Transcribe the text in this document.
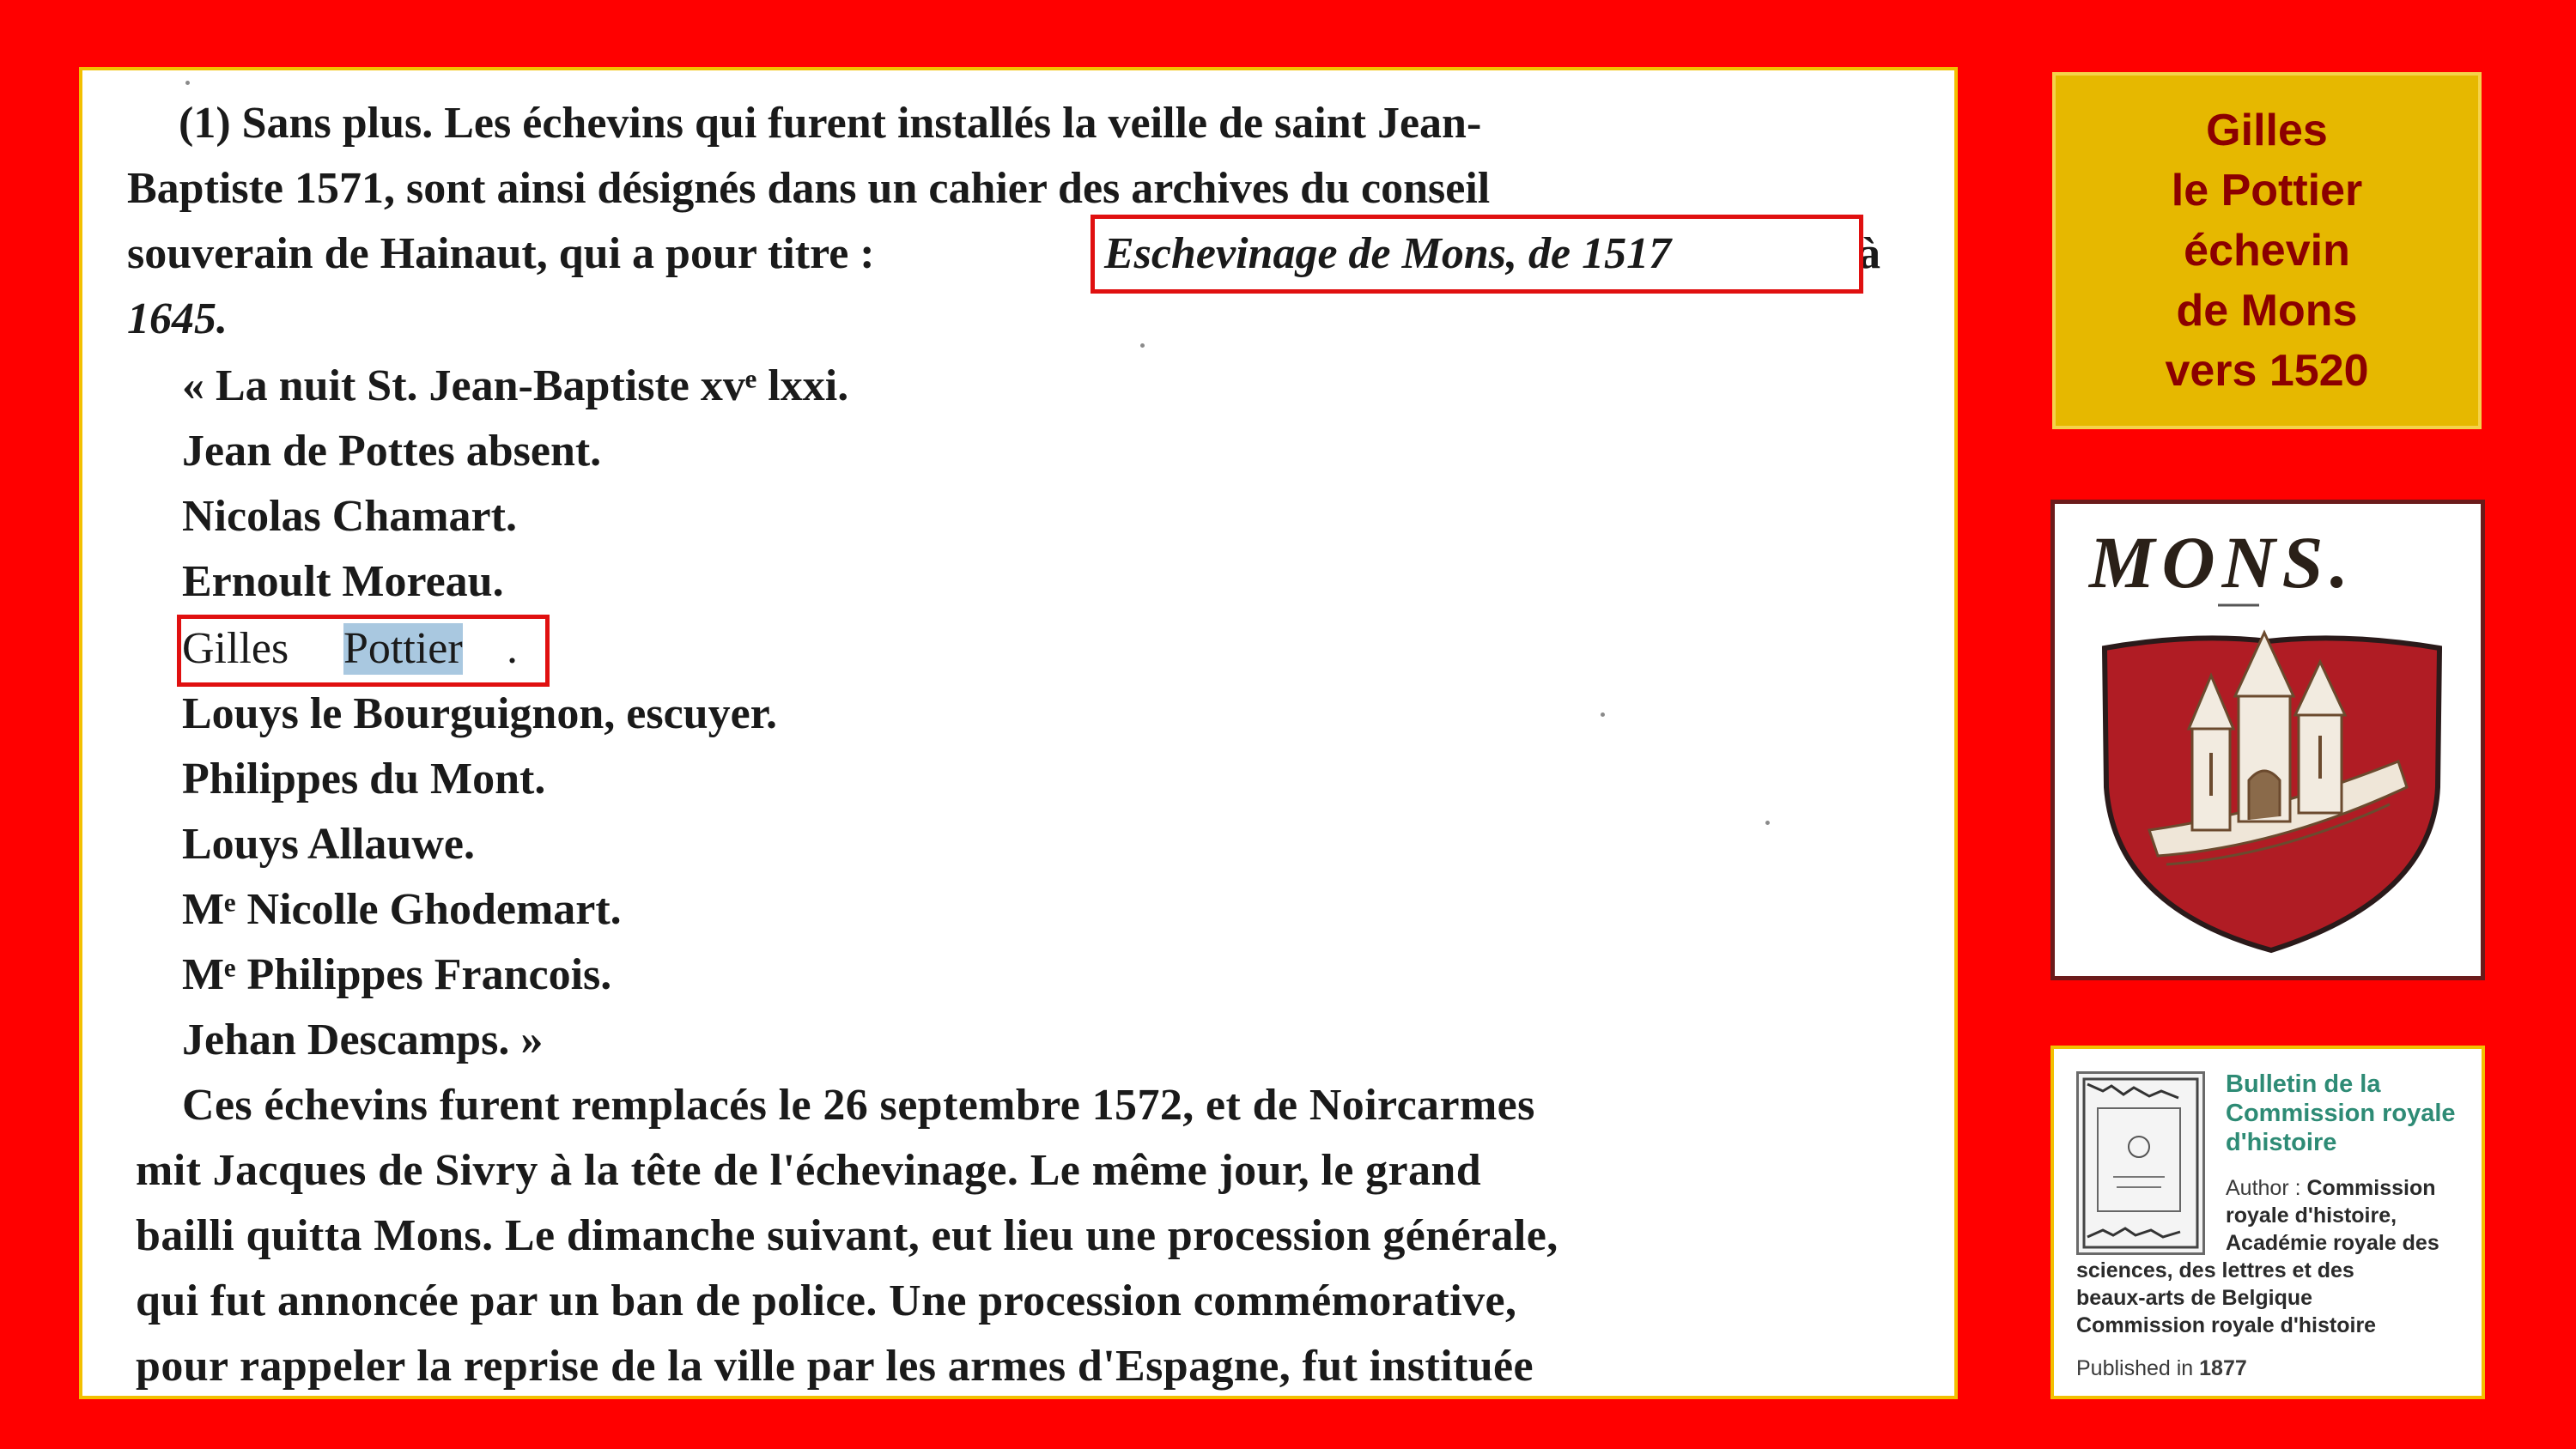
(1) Sans plus. Les échevins qui furent installés la veille de saint Jean-
Baptiste 1571, sont ainsi désignés dans un cahier des archives du conseil
souverain de Hainaut, qui a pour titre :	Eschevinage de Mons, de 1517	à
1645.
« La nuit St. Jean-Baptiste xvᵉ lxxi.
Jean de Pottes absent.
Nicolas Chamart.
Ernoult Moreau.
Gilles Pottier .
Louys le Bourguignon, escuyer.
Philippes du Mont.
Louys Allauwe.
Mᵉ Nicolle Ghodemart.
Mᵉ Philippes Francois.
Jehan Descamps. »
Ces échevins furent remplacés le 26 septembre 1572, et de Noircarmes
mit Jacques de Sivry à la tête de l'échevinage. Le même jour, le grand
bailli quitta Mons. Le dimanche suivant, eut lieu une procession générale,
qui fut annoncée par un ban de police. Une procession commémorative,
pour rappeler la reprise de la ville par les armes d'Espagne, fut instituée
Gilles
le Pottier
échevin
de Mons
vers 1520
MONS.
Bulletin de la Commission royale d'histoire
Author : Commission
royale d'histoire,
Académie royale des
sciences, des lettres et des
beaux-arts de Belgique
Commission royale d'histoire
Published in 1877
